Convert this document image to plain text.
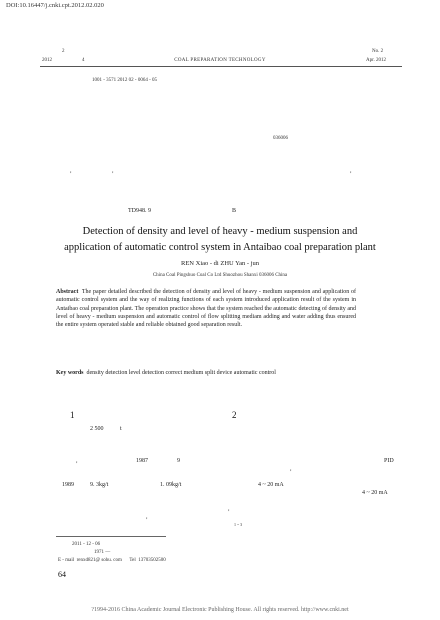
DOI:10.16447/j.cnki.cpt.2012.02.020
2
2012	4	COAL PREPARATION TECHNOLOGY
No. 2
Apr. 2012
1001 - 3571 2012 02 - 0064 - 05
036006
TD948. 9	B
Detection of density and level of heavy - medium suspension and
application of automatic control system in Antaibao coal preparation plant
REN Xiao - di ZHU Yan - jun
China Coal Pingshuo Coal Co Ltd Shuozhou Shanxi 036006 China
Abstract The paper detailed described the detection of density and level of heavy - medium suspension and application of automatic control system and the way of realizing functions of each system introduced application result of the system in Antaibao coal preparation plant. The operation practice shows that the system reached the automatic detecting of density and level of heavy - medium suspension and automatic control of flow splitting mediam adding and water adding thus ensured the entire system operated stable and reliable obtained good separation result.
Key words density detection level detection correct medium split device automatic control
1	2
2 500	t
1987	9	PID
1989	9. 3kg/t	1. 09kg/t	4 ~ 20 mA
4 ~ 20 mA
1 ~ 3
,	,	,
,
,
,
,
2011 - 12 - 06
1971 —
E - mail renxd821@ sohu. com Tel 13703502500
64
?1994-2016 China Academic Journal Electronic Publishing House. All rights reserved. http://www.cnki.net
